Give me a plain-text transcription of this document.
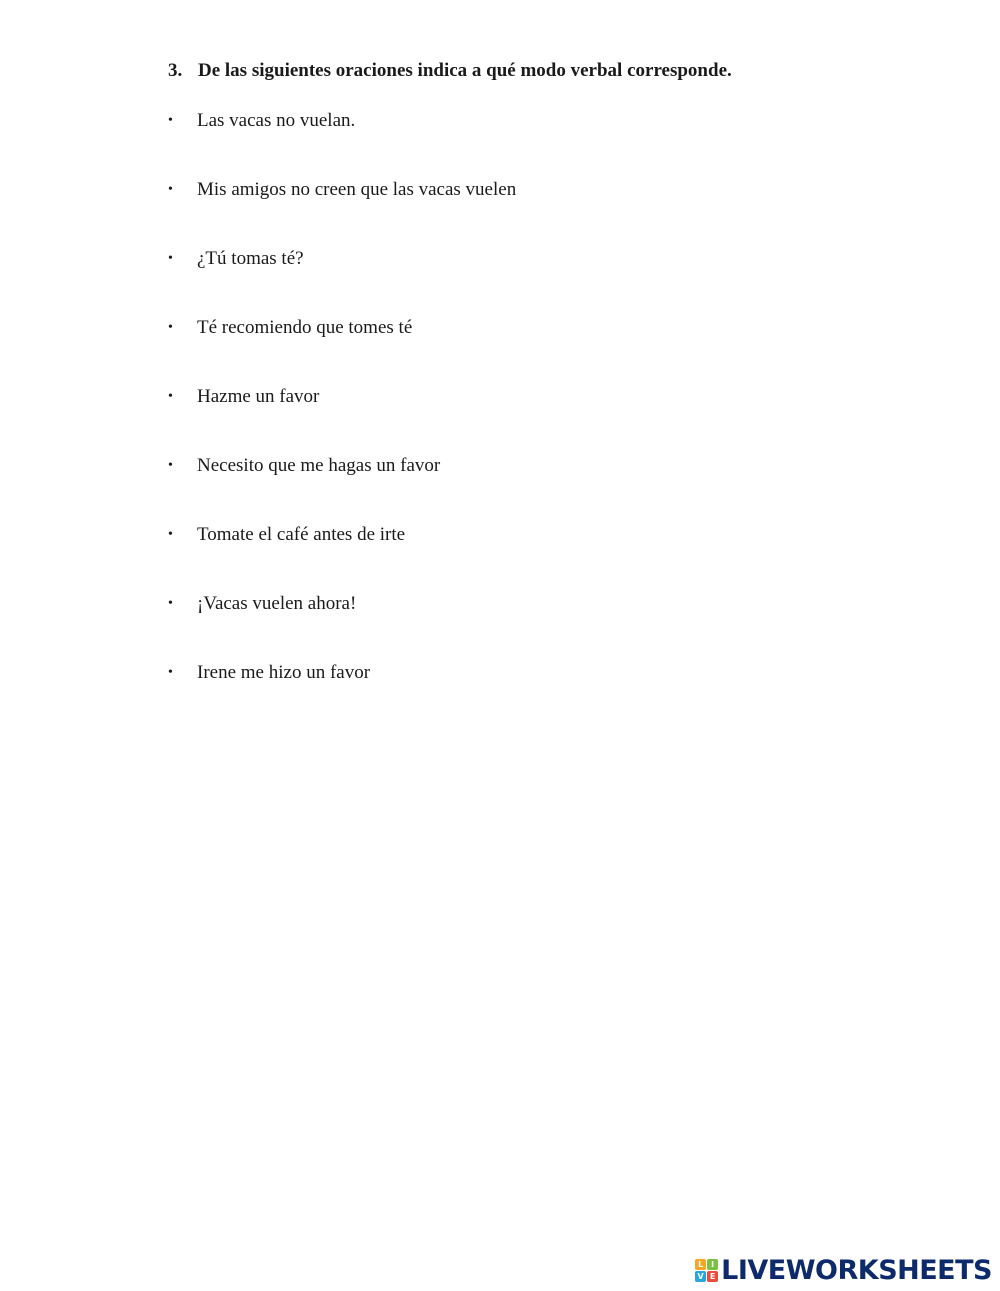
3. De las siguientes oraciones indica a qué modo verbal corresponde.
•	Las vacas no vuelan.
•	Mis amigos no creen que las vacas vuelen
•	¿Tú tomas té?
•	Té recomiendo que tomes té
•	Hazme un favor
•	Necesito que me hagas un favor
•	Tomate el café antes de irte
•	¡Vacas vuelen ahora!
•	Irene me hizo un favor
L I
V E LIVEWORKSHEETS
